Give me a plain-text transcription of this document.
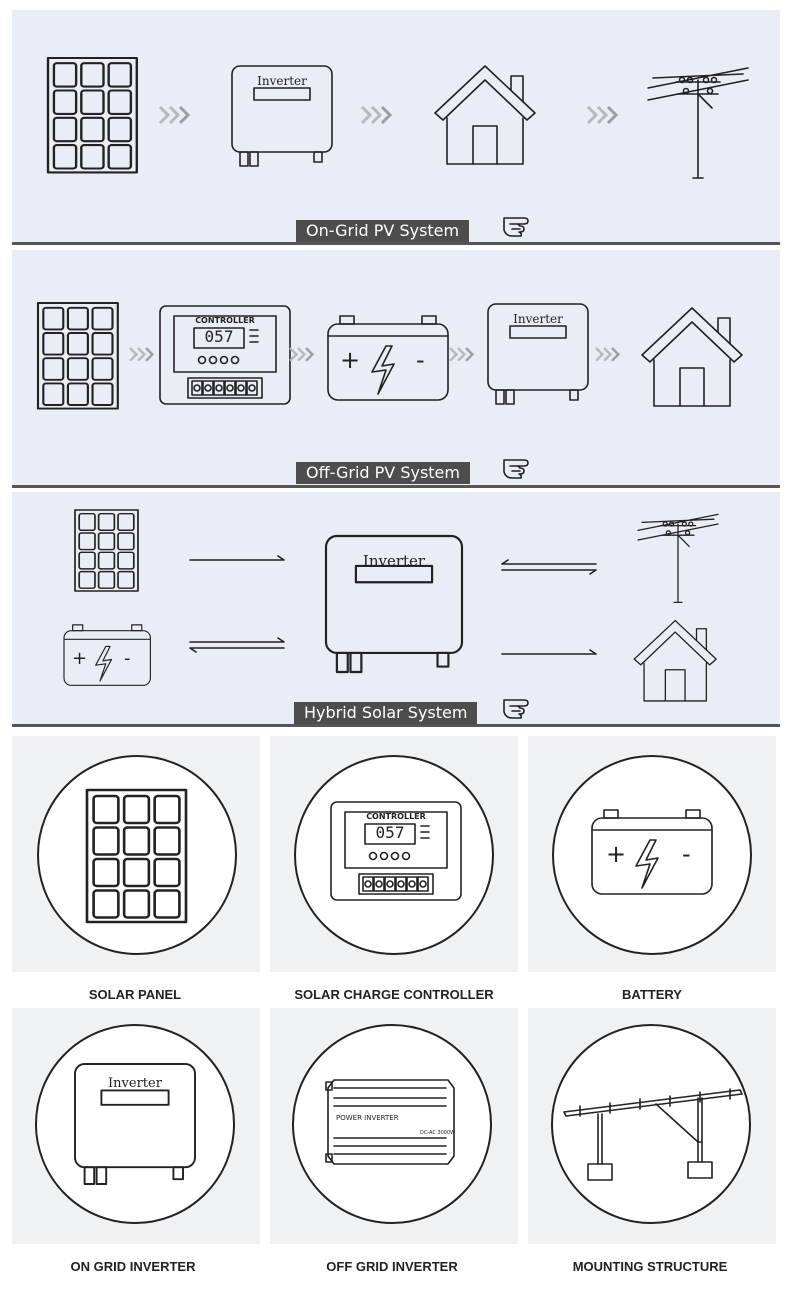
Inverter
On-Grid PV System
CONTROLLER
057
+ -
Inverter
Off-Grid PV System
+ -
Inverter
Hybrid Solar System
SOLAR PANEL
CONTROLLER
057
SOLAR CHARGE CONTROLLER
+ -
BATTERY
Inverter
ON GRID INVERTER
POWER INVERTER
DC-AC 3000W
OFF GRID INVERTER	MOUNTING STRUCTURE
